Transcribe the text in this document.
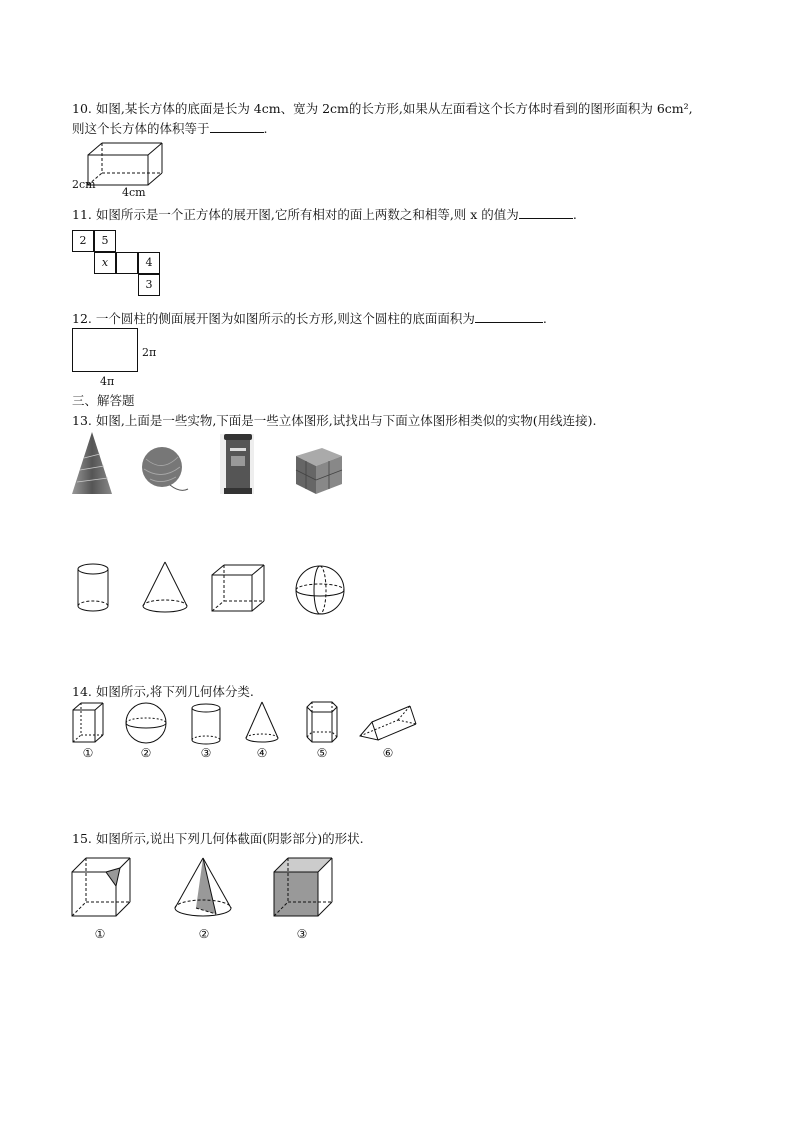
10. 如图,某长方体的底面是长为 4cm、宽为 2cm的长方形,如果从左面看这个长方体时看到的图形面积为 6cm²,
则这个长方体的体积等于	.
2cm
4cm
11. 如图所示是一个正方体的展开图,它所有相对的面上两数之和相等,则 x 的值为	.
2	5
x	4
3
12. 一个圆柱的侧面展开图为如图所示的长方形,则这个圆柱的底面面积为	.
2π
4π
三、解答题
13. 如图,上面是一些实物,下面是一些立体图形,试找出与下面立体图形相类似的实物(用线连接).
14. 如图所示,将下列几何体分类.
①	②	③	④	⑤	⑥
15. 如图所示,说出下列几何体截面(阴影部分)的形状.
①	②	③
